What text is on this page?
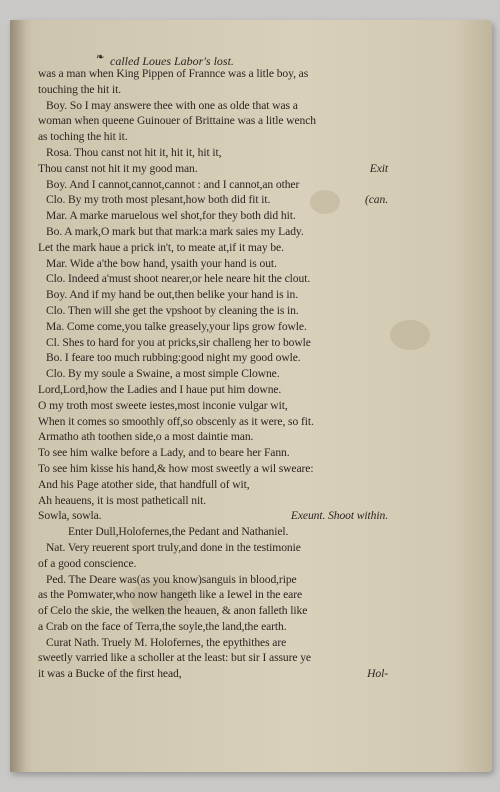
❧ called Loues Labor's lost.
was a man when King Pippen of Frannce was a litle boy, as
touching the hit it.
Boy. So I may answere thee with one as olde that was a
woman when queene Guinouer of Brittaine was a litle wench
as toching the hit it.
Rosa. Thou canst not hit it, hit it, hit it,
Thou canst not hit it my good man.	Exit
Boy. And I cannot,cannot,cannot : and I cannot,an other
Clo. By my troth most plesant,how both did fit it.	(can.
Mar. A marke maruelous wel shot,for they both did hit.
Bo. A mark,O mark but that mark:a mark saies my Lady.
Let the mark haue a prick in't, to meate at,if it may be.
Mar. Wide a'the bow hand, ysaith your hand is out.
Clo. Indeed a'must shoot nearer,or hele neare hit the clout.
Boy. And if my hand be out,then belike your hand is in.
Clo. Then will she get the vpshoot by cleaning the is in.
Ma. Come come,you talke greasely,your lips grow fowle.
Cl. Shes to hard for you at pricks,sir challeng her to bowle
Bo. I feare too much rubbing:good night my good owle.
Clo. By my soule a Swaine, a most simple Clowne.
Lord,Lord,how the Ladies and I haue put him downe.
O my troth most sweete iestes,most inconie vulgar wit,
When it comes so smoothly off,so obscenly as it were, so fit.
Armatho ath toothen side,o a most daintie man.
To see him walke before a Lady, and to beare her Fann.
To see him kisse his hand,& how most sweetly a wil sweare:
And his Page atother side, that handfull of wit,
Ah heauens, it is most patheticall nit.
Sowla, sowla.	Exeunt. Shoot within.
Enter Dull,Holofernes,the Pedant and Nathaniel.
Nat. Very reuerent sport truly,and done in the testimonie
of a good conscience.
Ped. The Deare was(as you know)sanguis in blood,ripe
as the Pomwater,who now hangeth like a Iewel in the eare
of Celo the skie, the welken the heauen, & anon falleth like
a Crab on the face of Terra,the soyle,the land,the earth.
Curat Nath. Truely M. Holofernes, the epythithes are
sweetly varried like a scholler at the least: but sir I assure ye
it was a Bucke of the first head,	Hol-
